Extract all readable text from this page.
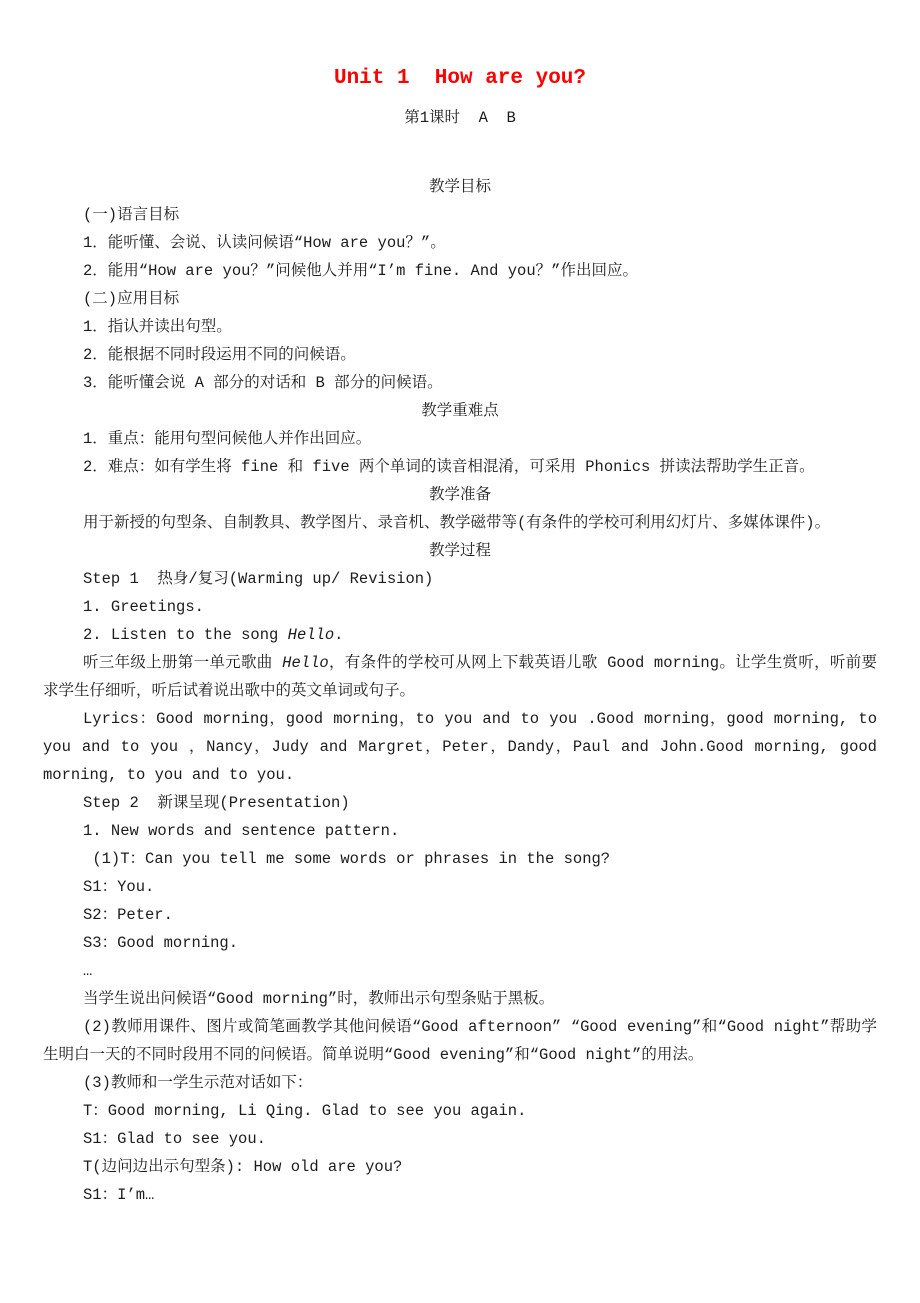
Unit 1  How are you?
第1课时  A  B

教学目标

(一)语言目标

1．能听懂、会说、认读问候语“How are you？”。

2．能用“How are you？”问候他人并用“I’m fine. And you？”作出回应。

(二)应用目标

1．指认并读出句型。

2．能根据不同时段运用不同的问候语。

3．能听懂会说 A 部分的对话和 B 部分的问候语。

教学重难点

1．重点：能用句型问候他人并作出回应。

2．难点：如有学生将 fine 和 five 两个单词的读音相混淆，可采用 Phonics 拼读法帮助学生正音。

教学准备

用于新授的句型条、自制教具、教学图片、录音机、教学磁带等(有条件的学校可利用幻灯片、多媒体课件)。

教学过程

Step 1  热身/复习(Warming up/ Revision)

1. Greetings.

2. Listen to the song Hello.

听三年级上册第一单元歌曲 Hello，有条件的学校可从网上下载英语儿歌 Good morning。让学生赏听，听前要求学生仔细听，听后试着说出歌中的英文单词或句子。

Lyrics：Good morning，good morning，to you and to you .Good morning，good morning, to you and to you ，Nancy，Judy and Margret，Peter，Dandy，Paul and John.Good morning, good morning, to you and to you.

Step 2  新课呈现(Presentation)

1. New words and sentence pattern.

(1)T：Can you tell me some words or phrases in the song?

S1：You.

S2：Peter.

S3：Good morning.

…

当学生说出问候语“Good morning”时，教师出示句型条贴于黑板。

(2)教师用课件、图片或简笔画教学其他问候语“Good afternoon” “Good evening”和“Good night”帮助学生明白一天的不同时段用不同的问候语。简单说明“Good evening”和“Good night”的用法。

(3)教师和一学生示范对话如下：

T：Good morning, Li Qing. Glad to see you again.

S1：Glad to see you.

T(边问边出示句型条): How old are you?

S1：I’m…
